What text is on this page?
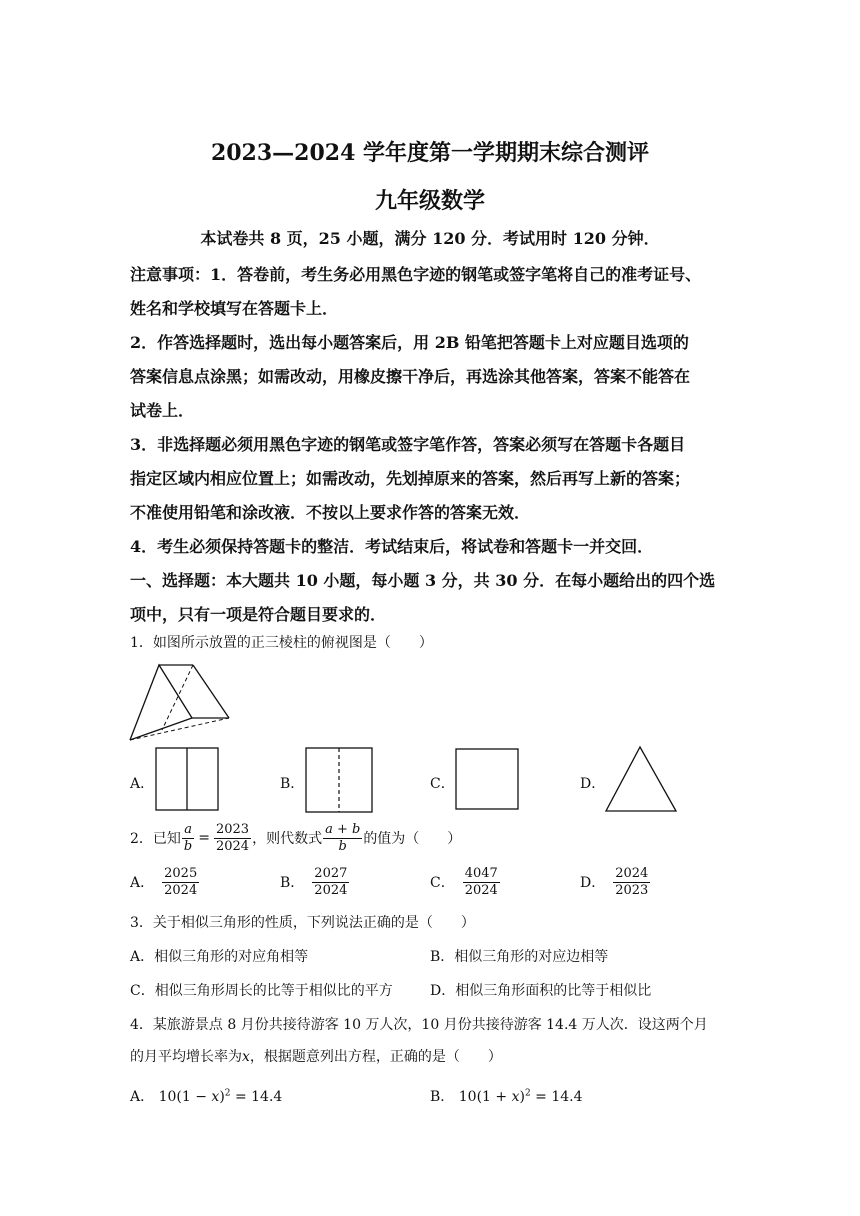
2023—2024 学年度第一学期期末综合测评
九年级数学
本试卷共 8 页，25 小题，满分 120 分．考试用时 120 分钟．
注意事项：1．答卷前，考生务必用黑色字迹的钢笔或签字笔将自己的准考证号、
姓名和学校填写在答题卡上．
2．作答选择题时，选出每小题答案后，用 2B 铅笔把答题卡上对应题目选项的
答案信息点涂黑；如需改动，用橡皮擦干净后，再选涂其他答案，答案不能答在
试卷上．
3．非选择题必须用黑色字迹的钢笔或签字笔作答，答案必须写在答题卡各题目
指定区域内相应位置上；如需改动，先划掉原来的答案，然后再写上新的答案；
不准使用铅笔和涂改液．不按以上要求作答的答案无效．
4．考生必须保持答题卡的整洁．考试结束后，将试卷和答题卡一并交回．
一、选择题：本大题共 10 小题，每小题 3 分，共 30 分．在每小题给出的四个选
项中，只有一项是符合题目要求的．
1．如图所示放置的正三棱柱的俯视图是（　　）
A．	B．	C．	D．
2．已知 $\frac{a}{b} = \frac{2023}{2024}$ ，则代数式 $\frac{a + b}{b}$ 的值为（　　）
A． $\frac{2025}{2024}$	B． $\frac{2027}{2024}$	C． $\frac{4047}{2024}$	D． $\frac{2024}{2023}$
3．关于相似三角形的性质，下列说法正确的是（　　）
A．相似三角形的对应角相等	B．相似三角形的对应边相等
C．相似三角形周长的比等于相似比的平方	D．相似三角形面积的比等于相似比
4．某旅游景点 8 月份共接待游客 10 万人次，10 月份共接待游客 14.4 万人次．设这两个月
的月平均增长率为x，根据题意列出方程，正确的是（　　）
A． $10(1 - x)^2 = 14.4$	B． $10(1 + x)^2 = 14.4$
